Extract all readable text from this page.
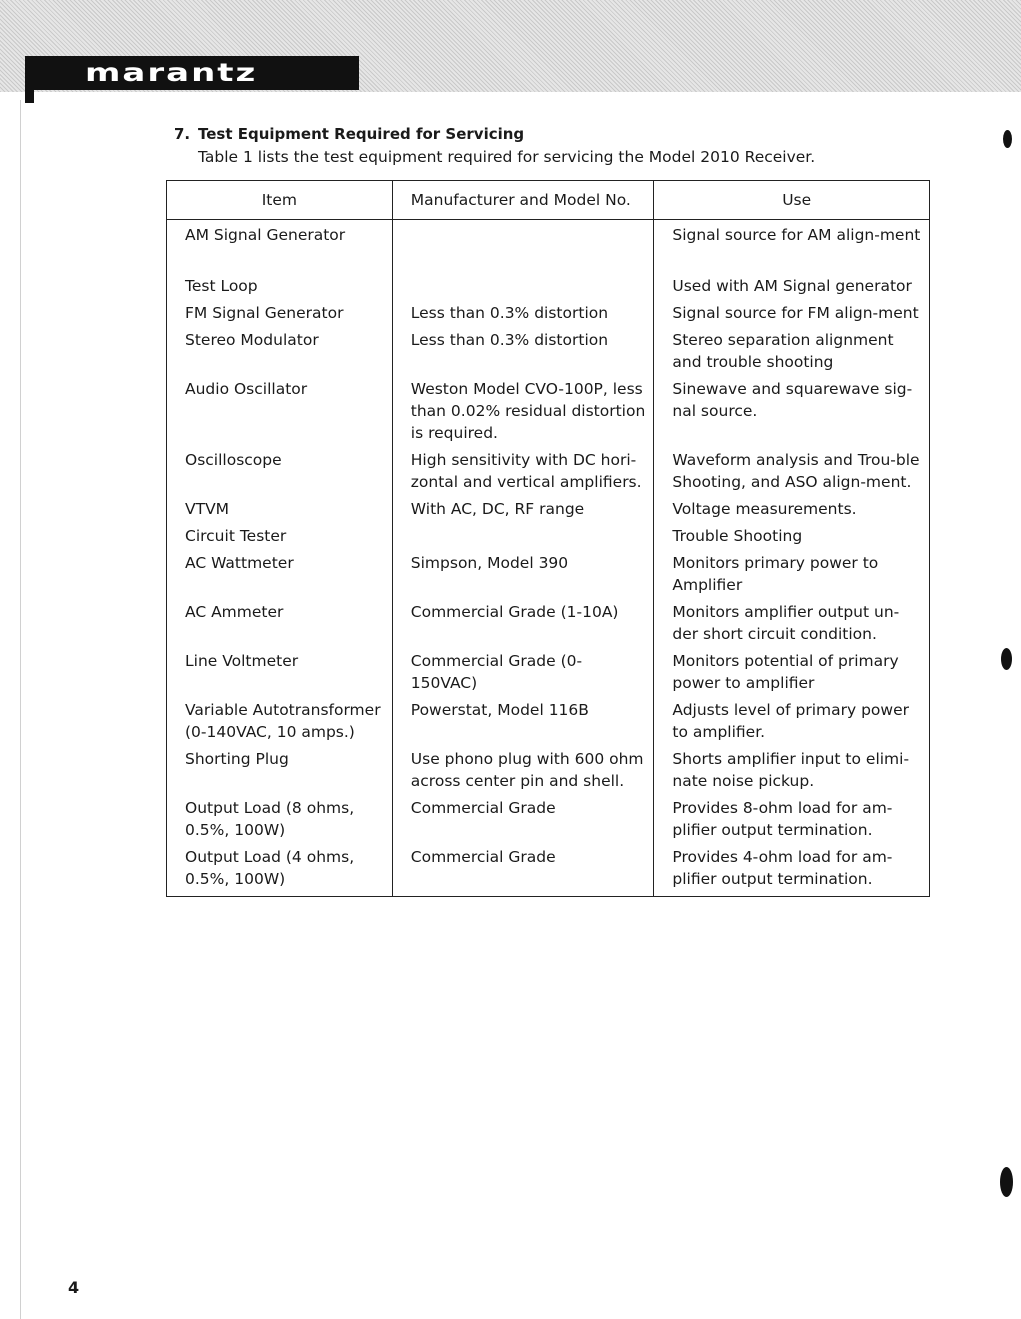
marantz
7. Test Equipment Required for Servicing
Table 1 lists the test equipment required for servicing the Model 2010 Receiver.
Item	Manufacturer and Model No.	Use
AM Signal Generator		Signal source for AM align-ment
Test Loop		Used with AM Signal generator
FM Signal Generator	Less than 0.3% distortion	Signal source for FM align-ment
Stereo Modulator	Less than 0.3% distortion	Stereo separation alignment and trouble shooting
Audio Oscillator	Weston Model CVO-100P, less than 0.02% residual distortion is required.	Sinewave and squarewave sig-nal source.
Oscilloscope	High sensitivity with DC hori-zontal and vertical amplifiers.	Waveform analysis and Trou-ble Shooting, and ASO align-ment.
VTVM	With AC, DC, RF range	Voltage measurements.
Circuit Tester		Trouble Shooting
AC Wattmeter	Simpson, Model 390	Monitors primary power to Amplifier
AC Ammeter	Commercial Grade (1-10A)	Monitors amplifier output un-der short circuit condition.
Line Voltmeter	Commercial Grade (0-150VAC)	Monitors potential of primary power to amplifier
Variable Autotransformer (0-140VAC, 10 amps.)	Powerstat, Model 116B	Adjusts level of primary power to amplifier.
Shorting Plug	Use phono plug with 600 ohm across center pin and shell.	Shorts amplifier input to elimi-nate noise pickup.
Output Load (8 ohms, 0.5%, 100W)	Commercial Grade	Provides 8-ohm load for am-plifier output termination.
Output Load (4 ohms, 0.5%, 100W)	Commercial Grade	Provides 4-ohm load for am-plifier output termination.
4
